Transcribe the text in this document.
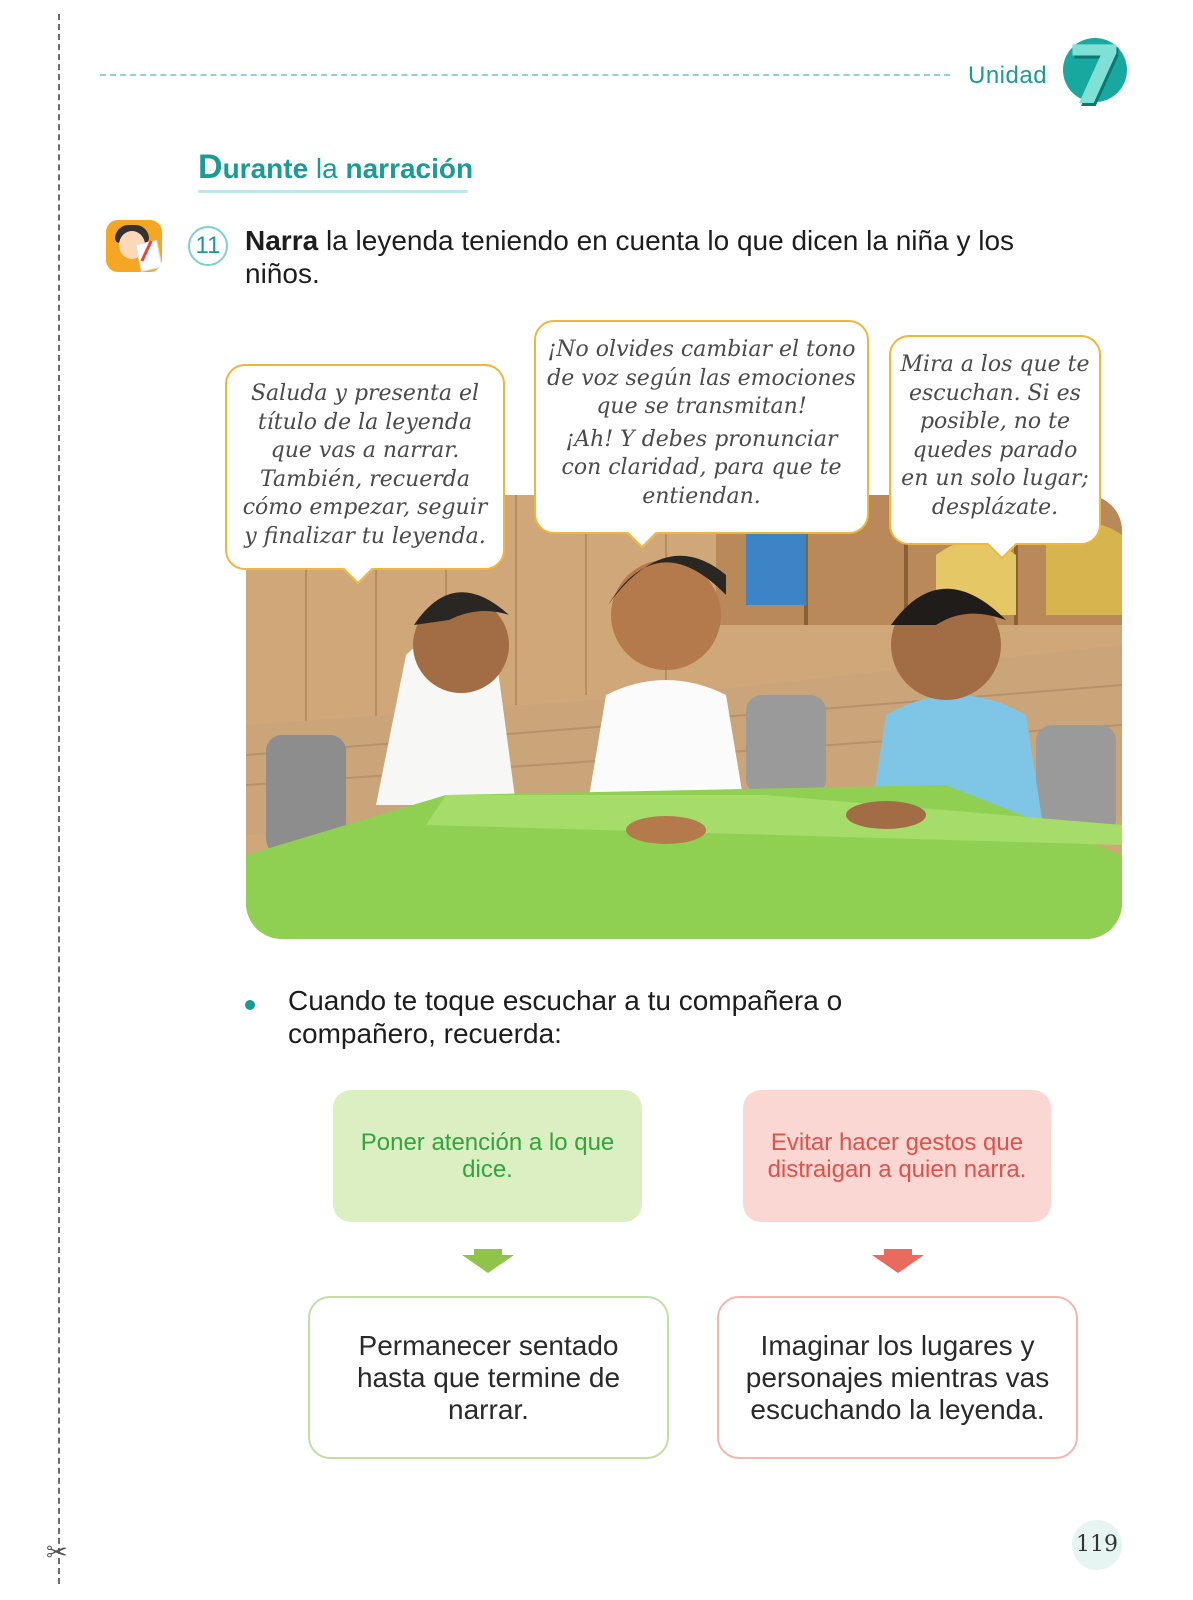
✂
Unidad 7
Durante la narración
11 Narra la leyenda teniendo en cuenta lo que dicen la niña y los niños.

Saluda y presenta el título de la leyenda que vas a narrar. También, recuerda cómo empezar, seguir y finalizar tu leyenda.

¡No olvides cambiar el tono de voz según las emociones que se transmitan!

¡Ah! Y debes pronunciar con claridad, para que te entiendan.

Mira a los que te escuchan. Si es posible, no te quedes parado en un solo lugar; desplázate.

Cuando te toque escuchar a tu compañera o compañero, recuerda:
Poner atención a lo que dice.
Evitar hacer gestos que distraigan a quien narra.
Permanecer sentado hasta que termine de narrar.
Imaginar los lugares y personajes mientras vas escuchando la leyenda.
119
